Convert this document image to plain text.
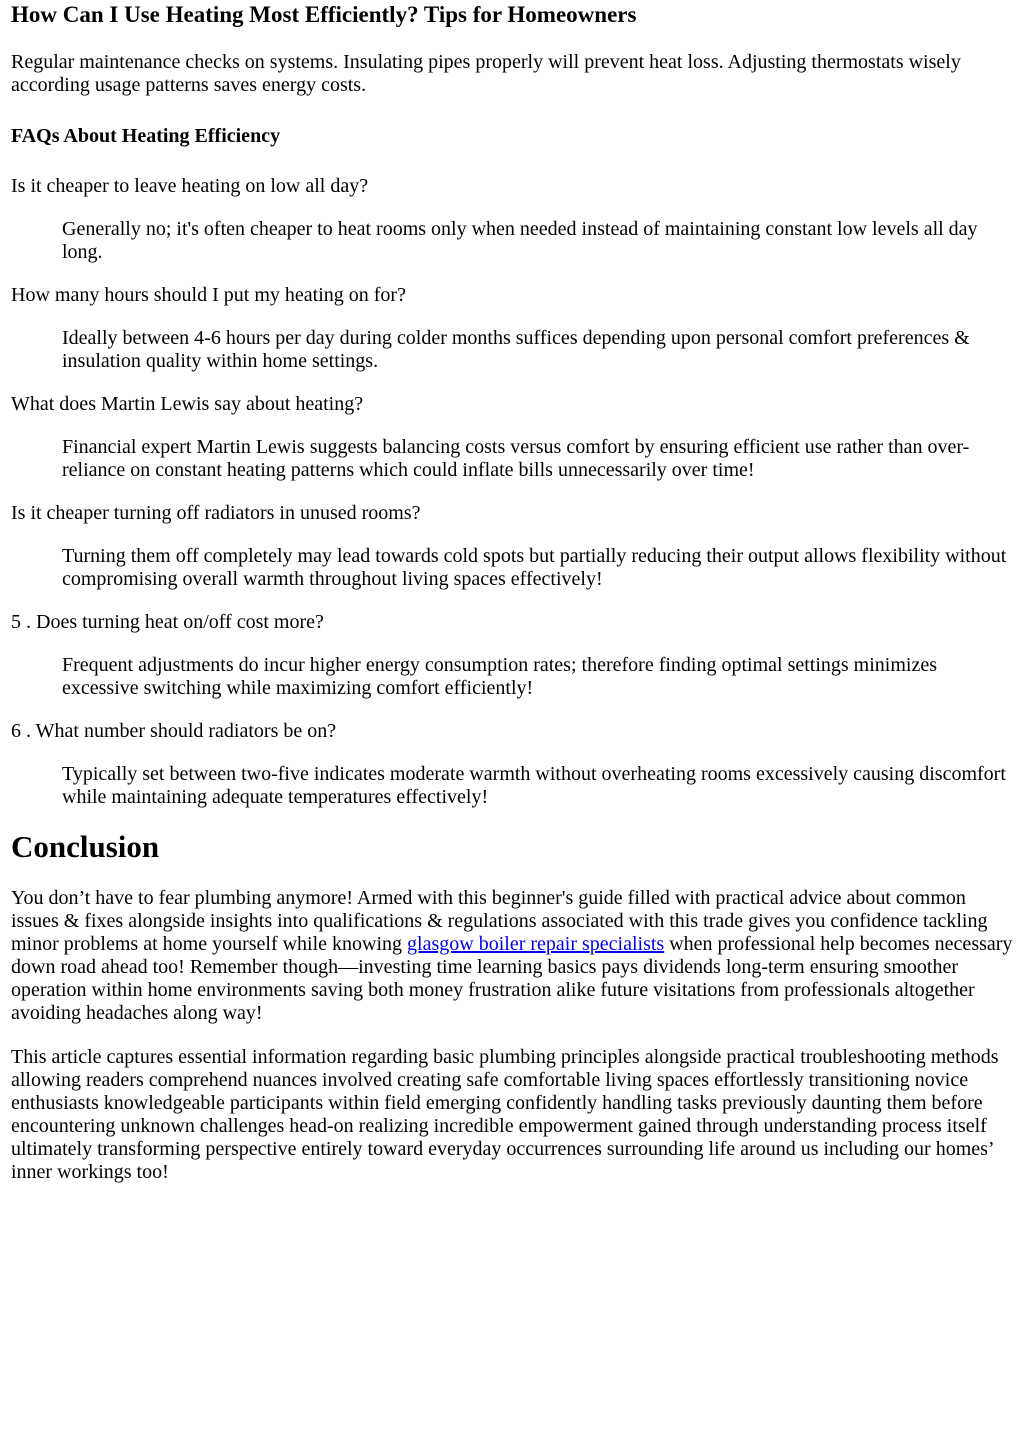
How Can I Use Heating Most Efficiently? Tips for Homeowners

Regular maintenance checks on systems. Insulating pipes properly will prevent heat loss. Adjusting thermostats wisely according usage patterns saves energy costs.

FAQs About Heating Efficiency

Is it cheaper to leave heating on low all day?

Generally no; it's often cheaper to heat rooms only when needed instead of maintaining constant low levels all day long.

How many hours should I put my heating on for?

Ideally between 4-6 hours per day during colder months suffices depending upon personal comfort preferences & insulation quality within home settings.

What does Martin Lewis say about heating?

Financial expert Martin Lewis suggests balancing costs versus comfort by ensuring efficient use rather than over-reliance on constant heating patterns which could inflate bills unnecessarily over time!

Is it cheaper turning off radiators in unused rooms?

Turning them off completely may lead towards cold spots but partially reducing their output allows flexibility without compromising overall warmth throughout living spaces effectively!

5 . Does turning heat on/off cost more?

Frequent adjustments do incur higher energy consumption rates; therefore finding optimal settings minimizes excessive switching while maximizing comfort efficiently!

6 . What number should radiators be on?

Typically set between two-five indicates moderate warmth without overheating rooms excessively causing discomfort while maintaining adequate temperatures effectively!

Conclusion

You don’t have to fear plumbing anymore! Armed with this beginner's guide filled with practical advice about common issues & fixes alongside insights into qualifications & regulations associated with this trade gives you confidence tackling minor problems at home yourself while knowing glasgow boiler repair specialists when professional help becomes necessary down road ahead too! Remember though—investing time learning basics pays dividends long-term ensuring smoother operation within home environments saving both money frustration alike future visitations from professionals altogether avoiding headaches along way!

This article captures essential information regarding basic plumbing principles alongside practical troubleshooting methods allowing readers comprehend nuances involved creating safe comfortable living spaces effortlessly transitioning novice enthusiasts knowledgeable participants within field emerging confidently handling tasks previously daunting them before encountering unknown challenges head-on realizing incredible empowerment gained through understanding process itself ultimately transforming perspective entirely toward everyday occurrences surrounding life around us including our homes’ inner workings too!
